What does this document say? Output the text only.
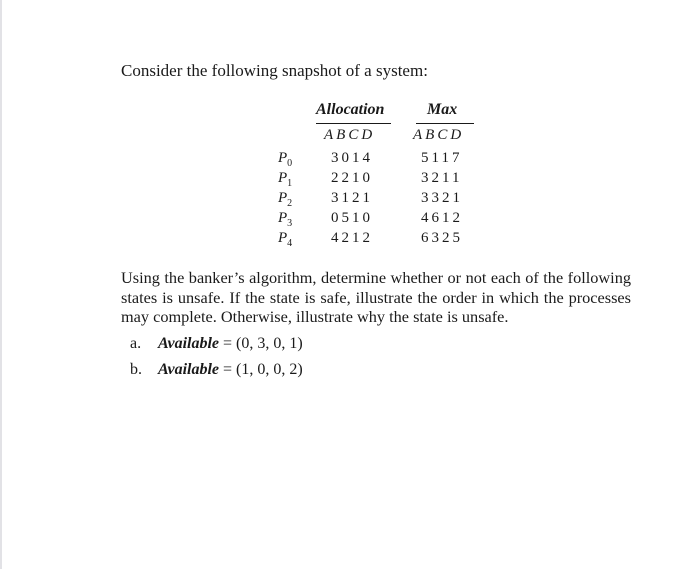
Consider the following snapshot of a system:
Allocation	Max
ABCD	ABCD
$P_0$
$P_1$
$P_2$
$P_3$
$P_4$
3014
2210
3121
0510
4212
5117
3211
3321
4612
6325
Using the banker’s algorithm, determine whether or not each of the following states is unsafe. If the state is safe, illustrate the order in which the processes may complete. Otherwise, illustrate why the state is unsafe.
a. Available = (0, 3, 0, 1)
b. Available = (1, 0, 0, 2)
